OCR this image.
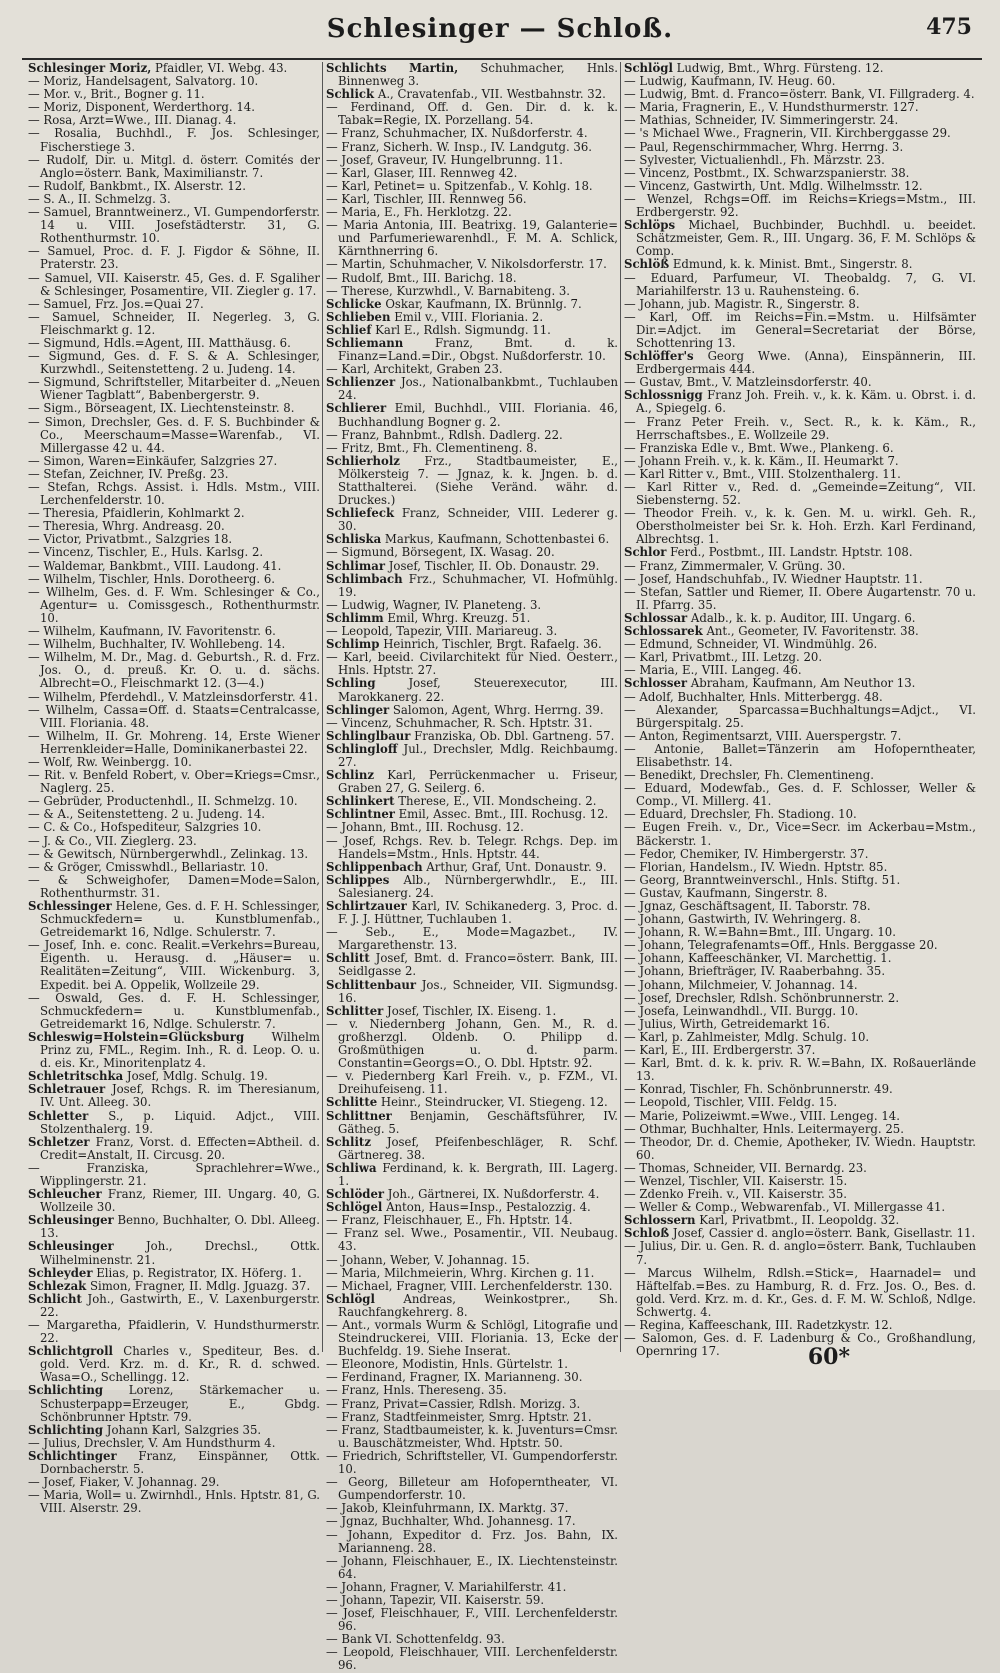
Schlesinger — Schloß.	475

Schlesinger Moriz, Pfaidler, VI. Webg. 43.

— Moriz, Handelsagent, Salvatorg. 10.

— Mor. v., Brit., Bogner g. 11.

— Moriz, Disponent, Werderthorg. 14.

— Rosa, Arzt=Wwe., III. Dianag. 4.

— Rosalia, Buchhdl., F. Jos. Schlesinger, Fischerstiege 3.

— Rudolf, Dir. u. Mitgl. d. österr. Comités der Anglo=österr. Bank, Maximilianstr. 7.

— Rudolf, Bankbmt., IX. Alserstr. 12.

— S. A., II. Schmelzg. 3.

— Samuel, Branntweinerz., VI. Gumpendorferstr. 14 u. VIII. Josefstädterstr. 31, G. Rothenthurmstr. 10.

— Samuel, Proc. d. F. J. Figdor & Söhne, II. Praterstr. 23.

— Samuel, VII. Kaiserstr. 45, Ges. d. F. Sgaliher & Schlesinger, Posamentire, VII. Ziegler g. 17.

— Samuel, Frz. Jos.=Quai 27.

— Samuel, Schneider, II. Negerleg. 3, G. Fleischmarkt g. 12.

— Sigmund, Hdls.=Agent, III. Matthäusg. 6.

— Sigmund, Ges. d. F. S. & A. Schlesinger, Kurzwhdl., Seitenstetteng. 2 u. Judeng. 14.

— Sigmund, Schriftsteller, Mitarbeiter d. „Neuen Wiener Tagblatt“, Babenbergerstr. 9.

— Sigm., Börseagent, IX. Liechtensteinstr. 8.

— Simon, Drechsler, Ges. d. F. S. Buchbinder & Co., Meerschaum=Masse=Warenfab., VI. Millergasse 42 u. 44.

— Simon, Waren=Einkäufer, Salzgries 27.

— Stefan, Zeichner, IV. Preßg. 23.

— Stefan, Rchgs. Assist. i. Hdls. Mstm., VIII. Lerchenfelderstr. 10.

— Theresia, Pfaidlerin, Kohlmarkt 2.

— Theresia, Whrg. Andreasg. 20.

— Victor, Privatbmt., Salzgries 18.

— Vincenz, Tischler, E., Huls. Karlsg. 2.

— Waldemar, Bankbmt., VIII. Laudong. 41.

— Wilhelm, Tischler, Hnls. Dorotheerg. 6.

— Wilhelm, Ges. d. F. Wm. Schlesinger & Co., Agentur= u. Comissgesch., Rothenthurmstr. 10.

— Wilhelm, Kaufmann, IV. Favoritenstr. 6.

— Wilhelm, Buchhalter, IV. Wohllebeng. 14.

— Wilhelm, M. Dr., Mag. d. Geburtsh., R. d. Frz. Jos. O., d. preuß. Kr. O. u. d. sächs. Albrecht=O., Fleischmarkt 12. (3—4.)

— Wilhelm, Pferdehdl., V. Matzleinsdorferstr. 41.

— Wilhelm, Cassa=Off. d. Staats=Centralcasse, VIII. Floriania. 48.

— Wilhelm, II. Gr. Mohreng. 14, Erste Wiener Herrenkleider=Halle, Dominikanerbastei 22.

— Wolf, Rw. Weinbergg. 10.

— Rit. v. Benfeld Robert, v. Ober=Kriegs=Cmsr., Naglerg. 25.

— Gebrüder, Productenhdl., II. Schmelzg. 10.

— & A., Seitenstetteng. 2 u. Judeng. 14.

— C. & Co., Hofspediteur, Salzgries 10.

— J. & Co., VII. Zieglerg. 23.

— & Gewitsch, Nürnbergerwhdl., Zelinkag. 13.

— & Gröger, Cmisswhdl., Bellariastr. 10.

— & Schweighofer, Damen=Mode=Salon, Rothenthurmstr. 31.

Schlessinger Helene, Ges. d. F. H. Schlessinger, Schmuckfedern= u. Kunstblumenfab., Getreidemarkt 16, Ndlge. Schulerstr. 7.

— Josef, Inh. e. conc. Realit.=Verkehrs=Bureau, Eigenth. u. Herausg. d. „Häuser= u. Realitäten=Zeitung“, VIII. Wickenburg. 3, Expedit. bei A. Oppelik, Wollzeile 29.

— Oswald, Ges. d. F. H. Schlessinger, Schmuckfedern= u. Kunstblumenfab., Getreidemarkt 16, Ndlge. Schulerstr. 7.

Schleswig=Holstein=Glücksburg Wilhelm Prinz zu, FML., Regim. Inh., R. d. Leop. O. u. d. eis. Kr., Minoritenplatz 4.

Schletritschka Josef, Mdlg. Schulg. 19.

Schletrauer Josef, Rchgs. R. im Theresianum, IV. Unt. Alleeg. 30.

Schletter S., p. Liquid. Adjct., VIII. Stolzenthalerg. 19.

Schletzer Franz, Vorst. d. Effecten=Abtheil. d. Credit=Anstalt, II. Circusg. 20.

— Franziska, Sprachlehrer=Wwe., Wipplingerstr. 21.

Schleucher Franz, Riemer, III. Ungarg. 40, G. Wollzeile 30.

Schleusinger Benno, Buchhalter, O. Dbl. Alleeg. 13.

Schleusinger	Joh., Drechsl., Ottk. Wilhelminenstr. 21.

Schleyder Elias, p. Registrator, IX. Höferg. 1.

Schlezak Simon, Fragner, II. Mdlg. Jguazg. 37.

Schlicht Joh., Gastwirth, E., V. Laxenburgerstr. 22.

— Margaretha, Pfaidlerin, V. Hundsthurmerstr. 22.

Schlichtgroll Charles v., Spediteur, Bes. d. gold. Verd. Krz. m. d. Kr., R. d. schwed. Wasa=O., Schellingg. 12.

Schlichting Lorenz, Stärkemacher u. Schusterpapp=Erzeuger, E., Gbdg. Schönbrunner Hptstr. 79.

Schlichting Johann Karl, Salzgries 35.

— Julius, Drechsler, V. Am Hundsthurm 4.

Schlichtinger Franz, Einspänner, Ottk. Dornbacherstr. 5.

— Josef, Fiaker, V. Johannag. 29.

— Maria, Woll= u. Zwirnhdl., Hnls. Hptstr. 81, G. VIII. Alserstr. 29.

Schlichts Martin, Schuhmacher, Hnls. Binnenweg 3.

Schlick A., Cravatenfab., VII. Westbahnstr. 32.

— Ferdinand, Off. d. Gen. Dir. d. k. k. Tabak=Regie, IX. Porzellang. 54.

— Franz, Schuhmacher, IX. Nußdorferstr. 4.

— Franz, Sicherh. W. Insp., IV. Landgutg. 36.

— Josef, Graveur, IV. Hungelbrunng. 11.

— Karl, Glaser, III. Rennweg 42.

— Karl, Petinet= u. Spitzenfab., V. Kohlg. 18.

— Karl, Tischler, III. Rennweg 56.

— Maria, E., Fh. Herklotzg. 22.

— Maria Antonia, III. Beatrixg. 19, Galanterie= und Parfumeriewarenhdl., F. M. A. Schlick, Kärnthnerring 6.

— Martin, Schuhmacher, V. Nikolsdorferstr. 17.

— Rudolf, Bmt., III. Barichg. 18.

— Therese, Kurzwhdl., V. Barnabiteng. 3.

Schlicke Oskar, Kaufmann, IX. Brünnlg. 7.

Schlieben Emil v., VIII. Floriania. 2.

Schlief Karl E., Rdlsh. Sigmundg. 11.

Schliemann	Franz, Bmt. d. k. Finanz=Land.=Dir., Obgst. Nußdorferstr. 10.

— Karl, Architekt, Graben 23.

Schlienzer Jos., Nationalbankbmt., Tuchlauben 24.

Schlierer Emil, Buchhdl., VIII. Floriania. 46, Buchhandlung Bogner g. 2.

— Franz, Bahnbmt., Rdlsh. Dadlerg. 22.

— Fritz, Bmt., Fh. Clementineng. 8.

Schlierholz Frz., Stadtbaumeister, E., Mölkersteig 7. — Jgnaz, k. k. Jngen. b. d. Statthalterei. (Siehe Veränd. währ. d. Druckes.)

Schliefeck Franz, Schneider, VIII. Lederer g. 30.

Schliska Markus, Kaufmann, Schottenbastei 6.

— Sigmund, Börsegent, IX. Wasag. 20.

Schlimar Josef, Tischler, II. Ob. Donaustr. 29.

Schlimbach Frz., Schuhmacher, VI. Hofmühlg. 19.

— Ludwig, Wagner, IV. Planeteng. 3.

Schlimm Emil, Whrg. Kreuzg. 51.

— Leopold, Tapezir, VIII. Mariareug. 3.

Schlimp Heinrich, Tischler, Brgt. Rafaelg. 36.

— Karl, beeid. Civilarchitekt für Nied. Oesterr., Hnls. Hptstr. 27.

Schling	Josef, Steuerexecutor, III. Marokkanerg. 22.

Schlinger Salomon, Agent, Whrg. Herrng. 39.

— Vincenz, Schuhmacher, R. Sch. Hptstr. 31.

Schlinglbaur Franziska, Ob. Dbl. Gartneng. 57.

Schlingloff Jul., Drechsler, Mdlg. Reichbaumg. 27.

Schlinz Karl, Perrückenmacher u. Friseur, Graben 27, G. Seilerg. 6.

Schlinkert Therese, E., VII. Mondscheing. 2.

Schlintner Emil, Assec. Bmt., III. Rochusg. 12.

— Johann, Bmt., III. Rochusg. 12.

— Josef, Rchgs. Rev. b. Telegr. Rchgs. Dep. im Handels=Mstm., Hnls. Hptstr. 44.

Schlippenbach Arthur, Graf, Unt. Donaustr. 9.

Schlippes Alb., Nürnbergerwhdlr., E., III. Salesianerg. 24.

Schlirtzauer Karl, IV. Schikanederg. 3, Proc. d. F. J. J. Hüttner, Tuchlauben 1.

— Seb., E., Mode=Magazbet., IV. Margarethenstr. 13.

Schlitt Josef, Bmt. d. Franco=österr. Bank, III. Seidlgasse 2.

Schlittenbaur Jos., Schneider, VII. Sigmundsg. 16.

Schlitter Josef, Tischler, IX. Eiseng. 1.

— v. Niedernberg Johann, Gen. M., R. d. großherzgl. Oldenb. O. Philipp d. Großmüthigen u. d. parm. Constantin=Georgs=O., O. Dbl. Hptstr. 92.

— v. Piedernberg Karl Freih. v., p. FZM., VI. Dreihufeiseng. 11.

Schlitte Heinr., Steindrucker, VI. Stiegeng. 12.

Schlittner Benjamin, Geschäftsführer, IV. Gätheg. 5.

Schlitz Josef, Pfeifenbeschläger, R. Schf. Gärtnereg. 38.

Schliwa Ferdinand, k. k. Bergrath, III. Lagerg. 1.

Schlöder Joh., Gärtnerei, IX. Nußdorferstr. 4.

Schlögel Anton, Haus=Insp., Pestalozzig. 4.

— Franz, Fleischhauer, E., Fh. Hptstr. 14.

— Franz sel. Wwe., Posamentir., VII. Neubaug. 43.

— Johann, Weber, V. Johannag. 15.

— Maria, Milchmeierin, Whrg. Kirchen g. 11.

— Michael, Fragner, VIII. Lerchenfelderstr. 130.

Schlögl Andreas, Weinkostprer., Sh. Rauchfangkehrerg. 8.

— Ant., vormals Wurm & Schlögl, Litografie und Steindruckerei, VIII. Floriania. 13, Ecke der Buchfeldg. 19. Siehe Inserat.

— Eleonore, Modistin, Hnls. Gürtelstr. 1.

— Ferdinand, Fragner, IX. Marianneng. 30.

— Franz, Hnls. Thereseng. 35.

— Franz, Privat=Cassier, Rdlsh. Morizg. 3.

— Franz, Stadtfeinmeister, Smrg. Hptstr. 21.

— Franz, Stadtbaumeister, k. k. Juventurs=Cmsr. u. Bauschätzmeister, Whd. Hptstr. 50.

— Friedrich, Schriftsteller, VI. Gumpendorferstr. 10.

— Georg, Billeteur am Hofoperntheater, VI. Gumpendorferstr. 10.

— Jakob, Kleinfuhrmann, IX. Marktg. 37.

— Jgnaz, Buchhalter, Whd. Johannesg. 17.

— Johann, Expeditor d. Frz. Jos. Bahn, IX. Marianneng. 28.

— Johann, Fleischhauer, E., IX. Liechtensteinstr. 64.

— Johann, Fragner, V. Mariahilferstr. 41.

— Johann, Tapezir, VII. Kaiserstr. 59.

— Josef, Fleischhauer, F., VIII. Lerchenfelderstr. 96.

— Bank VI. Schottenfeldg. 93.

— Leopold, Fleischhauer, VIII. Lerchenfelderstr. 96.

Schlögl Ludwig, Bmt., Whrg. Fürsteng. 12.

— Ludwig, Kaufmann, IV. Heug. 60.

— Ludwig, Bmt. d. Franco=österr. Bank, VI. Fillgraderg. 4.

— Maria, Fragnerin, E., V. Hundsthurmerstr. 127.

— Mathias, Schneider, IV. Simmeringerstr. 24.

— 's Michael Wwe., Fragnerin, VII. Kirchberggasse 29.

— Paul, Regenschirmmacher, Whrg. Herrng. 3.

— Sylvester, Victualienhdl., Fh. Märzstr. 23.

— Vincenz, Postbmt., IX. Schwarzspanierstr. 38.

— Vincenz, Gastwirth, Unt. Mdlg. Wilhelmsstr. 12.

— Wenzel, Rchgs=Off. im Reichs=Kriegs=Mstm., III. Erdbergerstr. 92.

Schlöps Michael, Buchbinder, Buchhdl. u. beeidet. Schätzmeister, Gem. R., III. Ungarg. 36, F. M. Schlöps & Comp.

Schlöß Edmund, k. k. Minist. Bmt., Singerstr. 8.

— Eduard, Parfumeur, VI. Theobaldg. 7, G. VI. Mariahilferstr. 13 u. Rauhensteing. 6.

— Johann, jub. Magistr. R., Singerstr. 8.

— Karl, Off. im Reichs=Fin.=Mstm. u. Hilfsämter Dir.=Adjct. im General=Secretariat der Börse, Schottenring 13.

Schlöffer's Georg Wwe. (Anna), Einspännerin, III. Erdbergermais 444.

— Gustav, Bmt., V. Matzleinsdorferstr. 40.

Schlossnigg Franz Joh. Freih. v., k. k. Käm. u. Obrst. i. d. A., Spiegelg. 6.

— Franz Peter Freih. v., Sect. R., k. k. Käm., R., Herrschaftsbes., E. Wollzeile 29.

— Franziska Edle v., Bmt. Wwe., Plankeng. 6.

— Johann Freih. v., k. k. Käm., II. Heumarkt 7.

— Karl Ritter v., Bmt., VIII. Stolzenthalerg. 11.

— Karl Ritter v., Red. d. „Gemeinde=Zeitung“, VII. Siebensterng. 52.

— Theodor Freih. v., k. k. Gen. M. u. wirkl. Geh. R., Oberstholmeister bei Sr. k. Hoh. Erzh. Karl Ferdinand, Albrechtsg. 1.

Schlor Ferd., Postbmt., III. Landstr. Hptstr. 108.

— Franz, Zimmermaler, V. Grüng. 30.

— Josef, Handschuhfab., IV. Wiedner Hauptstr. 11.

— Stefan, Sattler und Riemer, II. Obere Augartenstr. 70 u. II. Pfarrg. 35.

Schlossar Adalb., k. k. p. Auditor, III. Ungarg. 6.

Schlossarek Ant., Geometer, IV. Favoritenstr. 38.

— Edmund, Schneider, VI. Windmühlg. 26.

— Karl, Privatbmt., III. Letzg. 20.

— Maria, E., VIII. Langeg. 46.

Schlosser Abraham, Kaufmann, Am Neuthor 13.

— Adolf, Buchhalter, Hnls. Mitterbergg. 48.

— Alexander, Sparcassa=Buchhaltungs=Adjct., VI. Bürgerspitalg. 25.

— Anton, Regimentsarzt, VIII. Auerspergstr. 7.

— Antonie, Ballet=Tänzerin am Hofoperntheater, Elisabethstr. 14.

— Benedikt, Drechsler, Fh. Clementineng.

— Eduard, Modewfab., Ges. d. F. Schlosser, Weller & Comp., VI. Millerg. 41.

— Eduard, Drechsler, Fh. Stadiong. 10.

— Eugen Freih. v., Dr., Vice=Secr. im Ackerbau=Mstm., Bäckerstr. 1.

— Fedor, Chemiker, IV. Himbergerstr. 37.

— Florian, Handelsm., IV. Wiedn. Hptstr. 85.

— Georg, Branntweinverschl., Hnls. Stiftg. 51.

— Gustav, Kaufmann, Singerstr. 8.

— Jgnaz, Geschäftsagent, II. Taborstr. 78.

— Johann, Gastwirth, IV. Wehringerg. 8.

— Johann, R. W.=Bahn=Bmt., III. Ungarg. 10.

— Johann, Telegrafenamts=Off., Hnls. Berggasse 20.

— Johann, Kaffeeschänker, VI. Marchettig. 1.

— Johann, Briefträger, IV. Raaberbahng. 35.

— Johann, Milchmeier, V. Johannag. 14.

— Josef, Drechsler, Rdlsh. Schönbrunnerstr. 2.

— Josefa, Leinwandhdl., VII. Burgg. 10.

— Julius, Wirth, Getreidemarkt 16.

— Karl, p. Zahlmeister, Mdlg. Schulg. 10.

— Karl, E., III. Erdbergerstr. 37.

— Karl, Bmt. d. k. k. priv. R. W.=Bahn, IX. Roßauerlände 13.

— Konrad, Tischler, Fh. Schönbrunnerstr. 49.

— Leopold, Tischler, VIII. Feldg. 15.

— Marie, Polizeiwmt.=Wwe., VIII. Lengeg. 14.

— Othmar, Buchhalter, Hnls. Leitermayerg. 25.

— Theodor, Dr. d. Chemie, Apotheker, IV. Wiedn. Hauptstr. 60.

— Thomas, Schneider, VII. Bernardg. 23.

— Wenzel, Tischler, VII. Kaiserstr. 15.

— Zdenko Freih. v., VII. Kaiserstr. 35.

— Weller & Comp., Webwarenfab., VI. Millergasse 41.

Schlossern Karl, Privatbmt., II. Leopoldg. 32.

Schloß Josef, Cassier d. anglo=österr. Bank, Gisellastr. 11.

— Julius, Dir. u. Gen. R. d. anglo=österr. Bank, Tuchlauben 7.

— Marcus Wilhelm, Rdlsh.=Stick=, Haarnadel= und Häftelfab.=Bes. zu Hamburg, R. d. Frz. Jos. O., Bes. d. gold. Verd. Krz. m. d. Kr., Ges. d. F. M. W. Schloß, Ndlge. Schwertg. 4.

— Regina, Kaffeeschank, III. Radetzkystr. 12.

— Salomon, Ges. d. F. Ladenburg & Co., Großhandlung, Opernring 17.	60*
